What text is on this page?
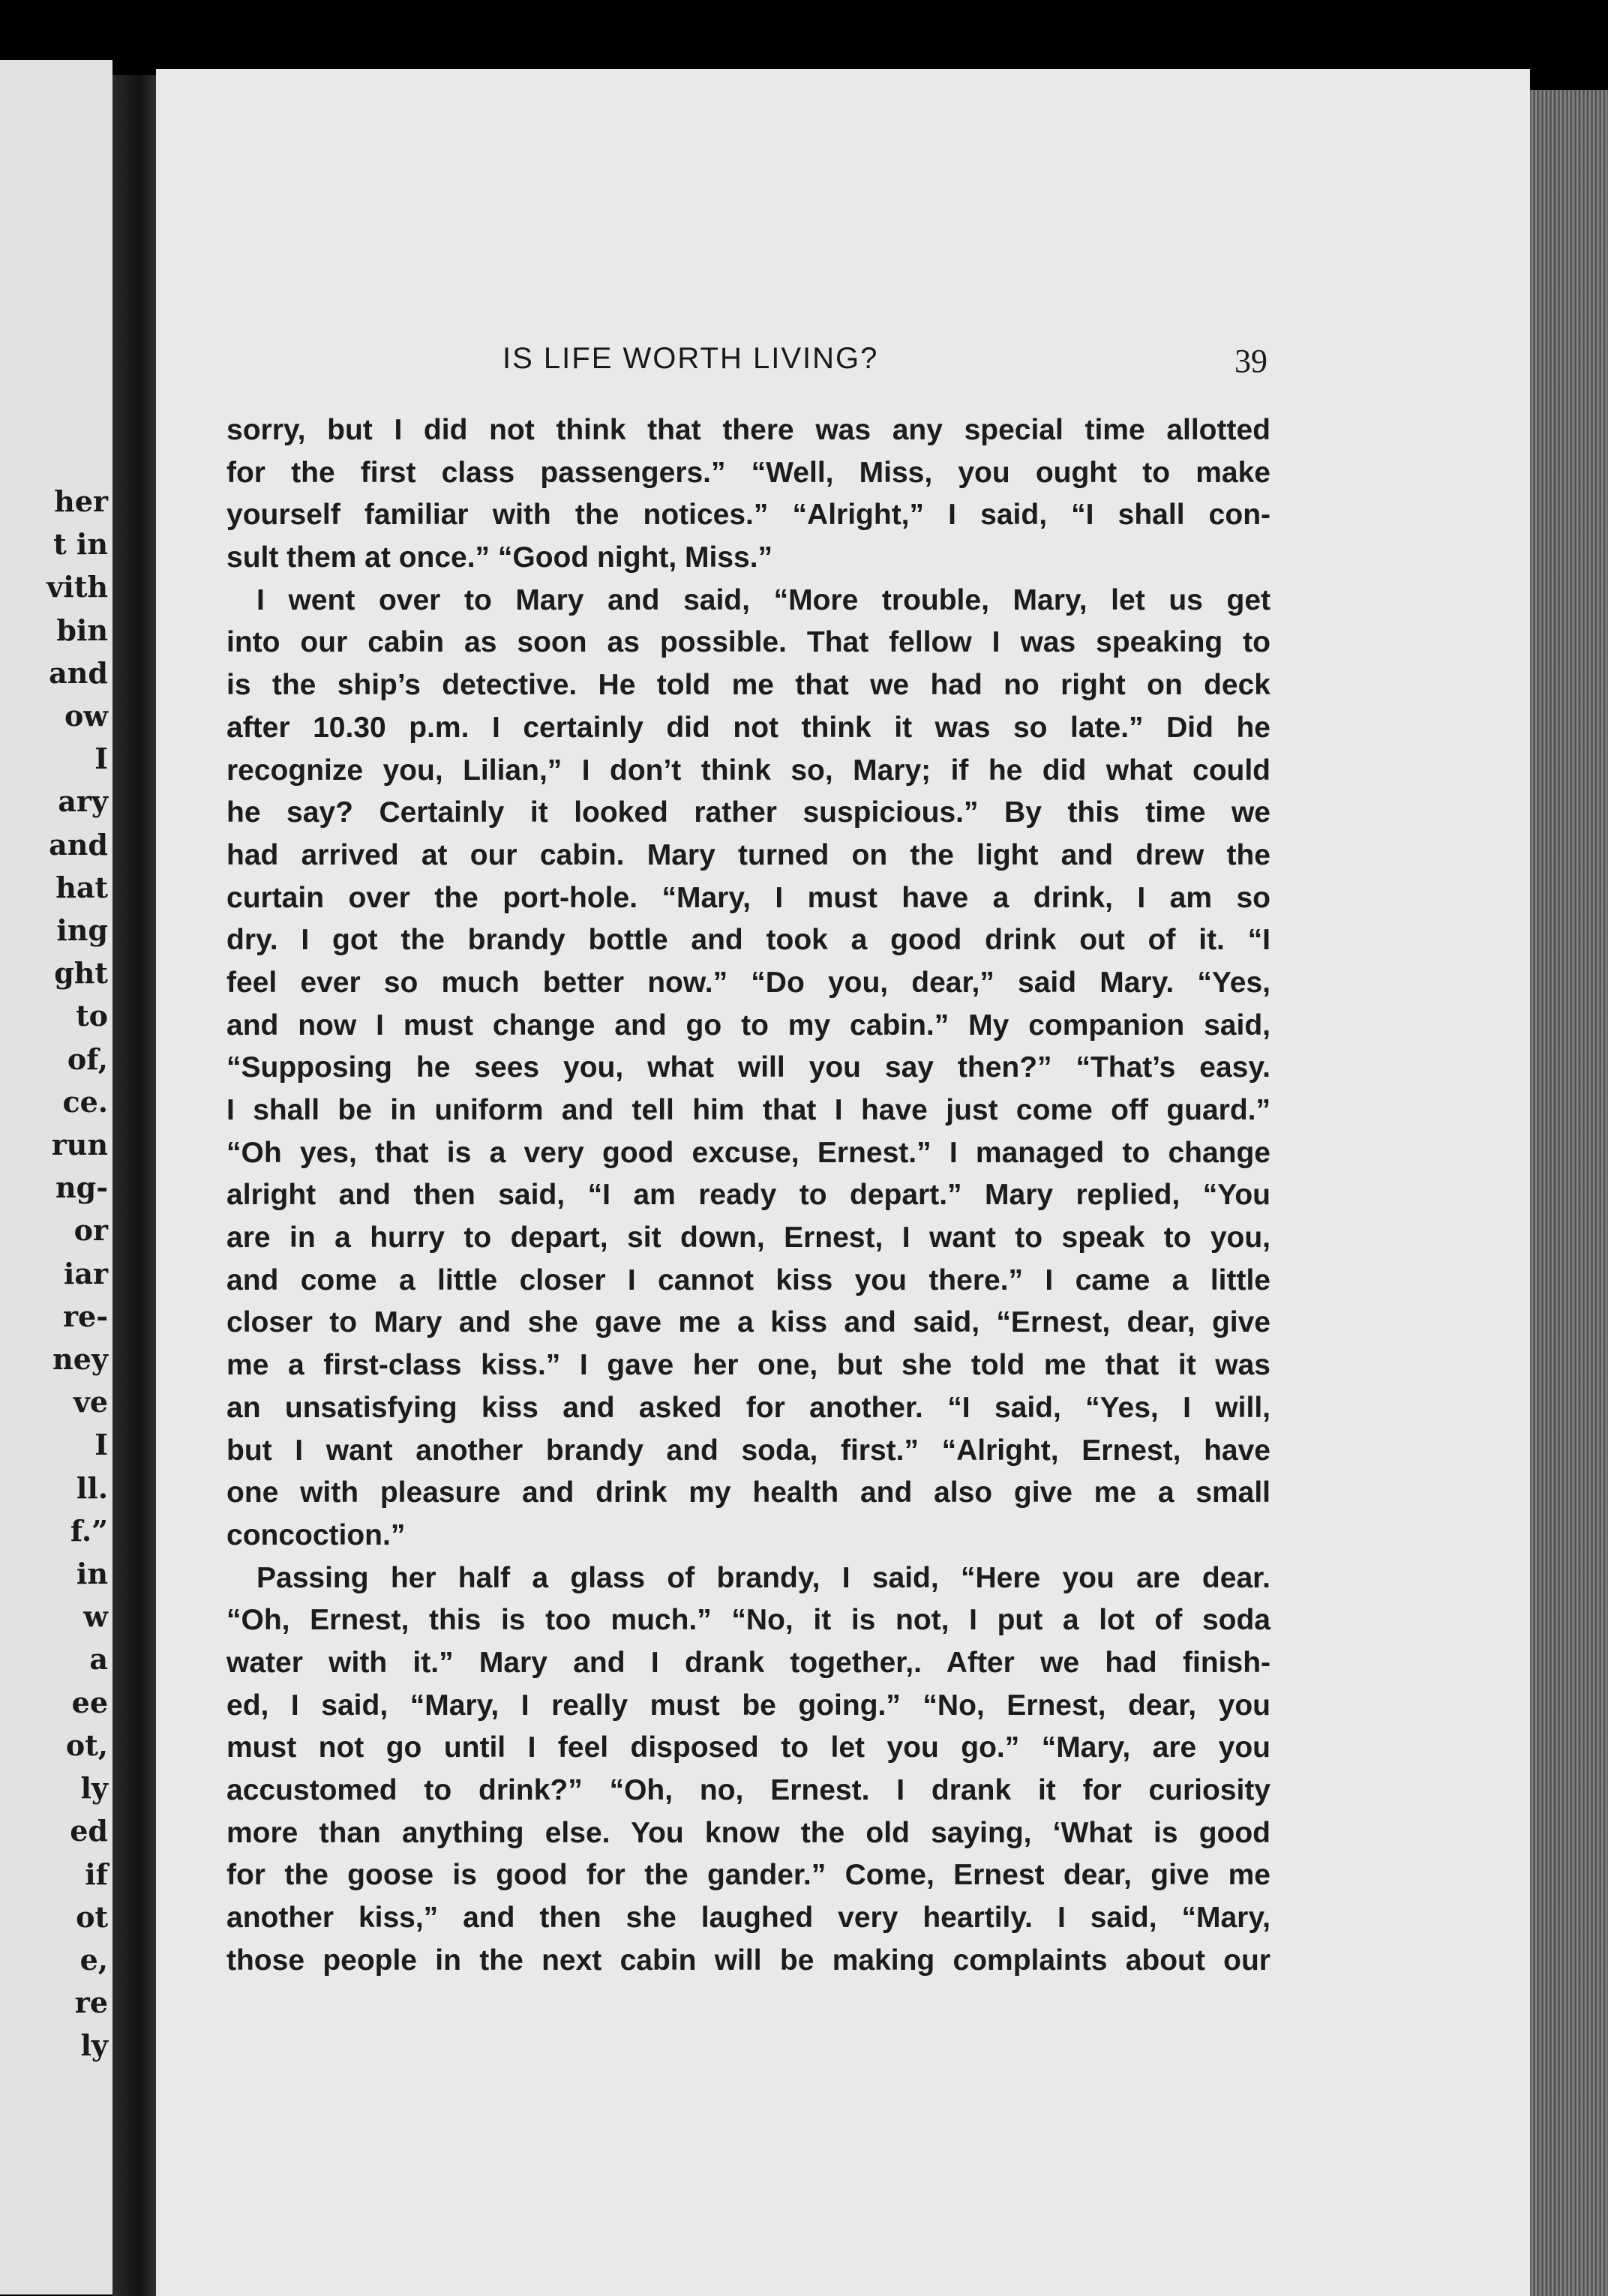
her
t in
vith
bin
and
ow
I
ary
and
hat
ing
ght
to
of,
ce.
run
ng-
or
iar
re-
ney
ve
I
ll.
f.”
in
w
a
ee
ot,
ly
ed
if
ot
e,
re
ly
IS LIFE WORTH LIVING?	39
sorry, but I did not think that there was any special time allotted
for the first class passengers.” “Well, Miss, you ought to make
yourself familiar with the notices.” “Alright,” I said, “I shall con-
sult them at once.” “Good night, Miss.”
I went over to Mary and said, “More trouble, Mary, let us get
into our cabin as soon as possible. That fellow I was speaking to
is the ship’s detective. He told me that we had no right on deck
after 10.30 p.m. I certainly did not think it was so late.” Did he
recognize you, Lilian,” I don’t think so, Mary; if he did what could
he say? Certainly it looked rather suspicious.” By this time we
had arrived at our cabin. Mary turned on the light and drew the
curtain over the port-hole. “Mary, I must have a drink, I am so
dry. I got the brandy bottle and took a good drink out of it. “I
feel ever so much better now.” “Do you, dear,” said Mary. “Yes,
and now I must change and go to my cabin.” My companion said,
“Supposing he sees you, what will you say then?” “That’s easy.
I shall be in uniform and tell him that I have just come off guard.”
“Oh yes, that is a very good excuse, Ernest.” I managed to change
alright and then said, “I am ready to depart.” Mary replied, “You
are in a hurry to depart, sit down, Ernest, I want to speak to you,
and come a little closer I cannot kiss you there.” I came a little
closer to Mary and she gave me a kiss and said, “Ernest, dear, give
me a first-class kiss.” I gave her one, but she told me that it was
an unsatisfying kiss and asked for another. “I said, “Yes, I will,
but I want another brandy and soda, first.” “Alright, Ernest, have
one with pleasure and drink my health and also give me a small
concoction.”
Passing her half a glass of brandy, I said, “Here you are dear.
“Oh, Ernest, this is too much.” “No, it is not, I put a lot of soda
water with it.” Mary and I drank together,. After we had finish-
ed, I said, “Mary, I really must be going.” “No, Ernest, dear, you
must not go until I feel disposed to let you go.” “Mary, are you
accustomed to drink?” “Oh, no, Ernest. I drank it for curiosity
more than anything else. You know the old saying, ‘What is good
for the goose is good for the gander.” Come, Ernest dear, give me
another kiss,” and then she laughed very heartily. I said, “Mary,
those people in the next cabin will be making complaints about our
